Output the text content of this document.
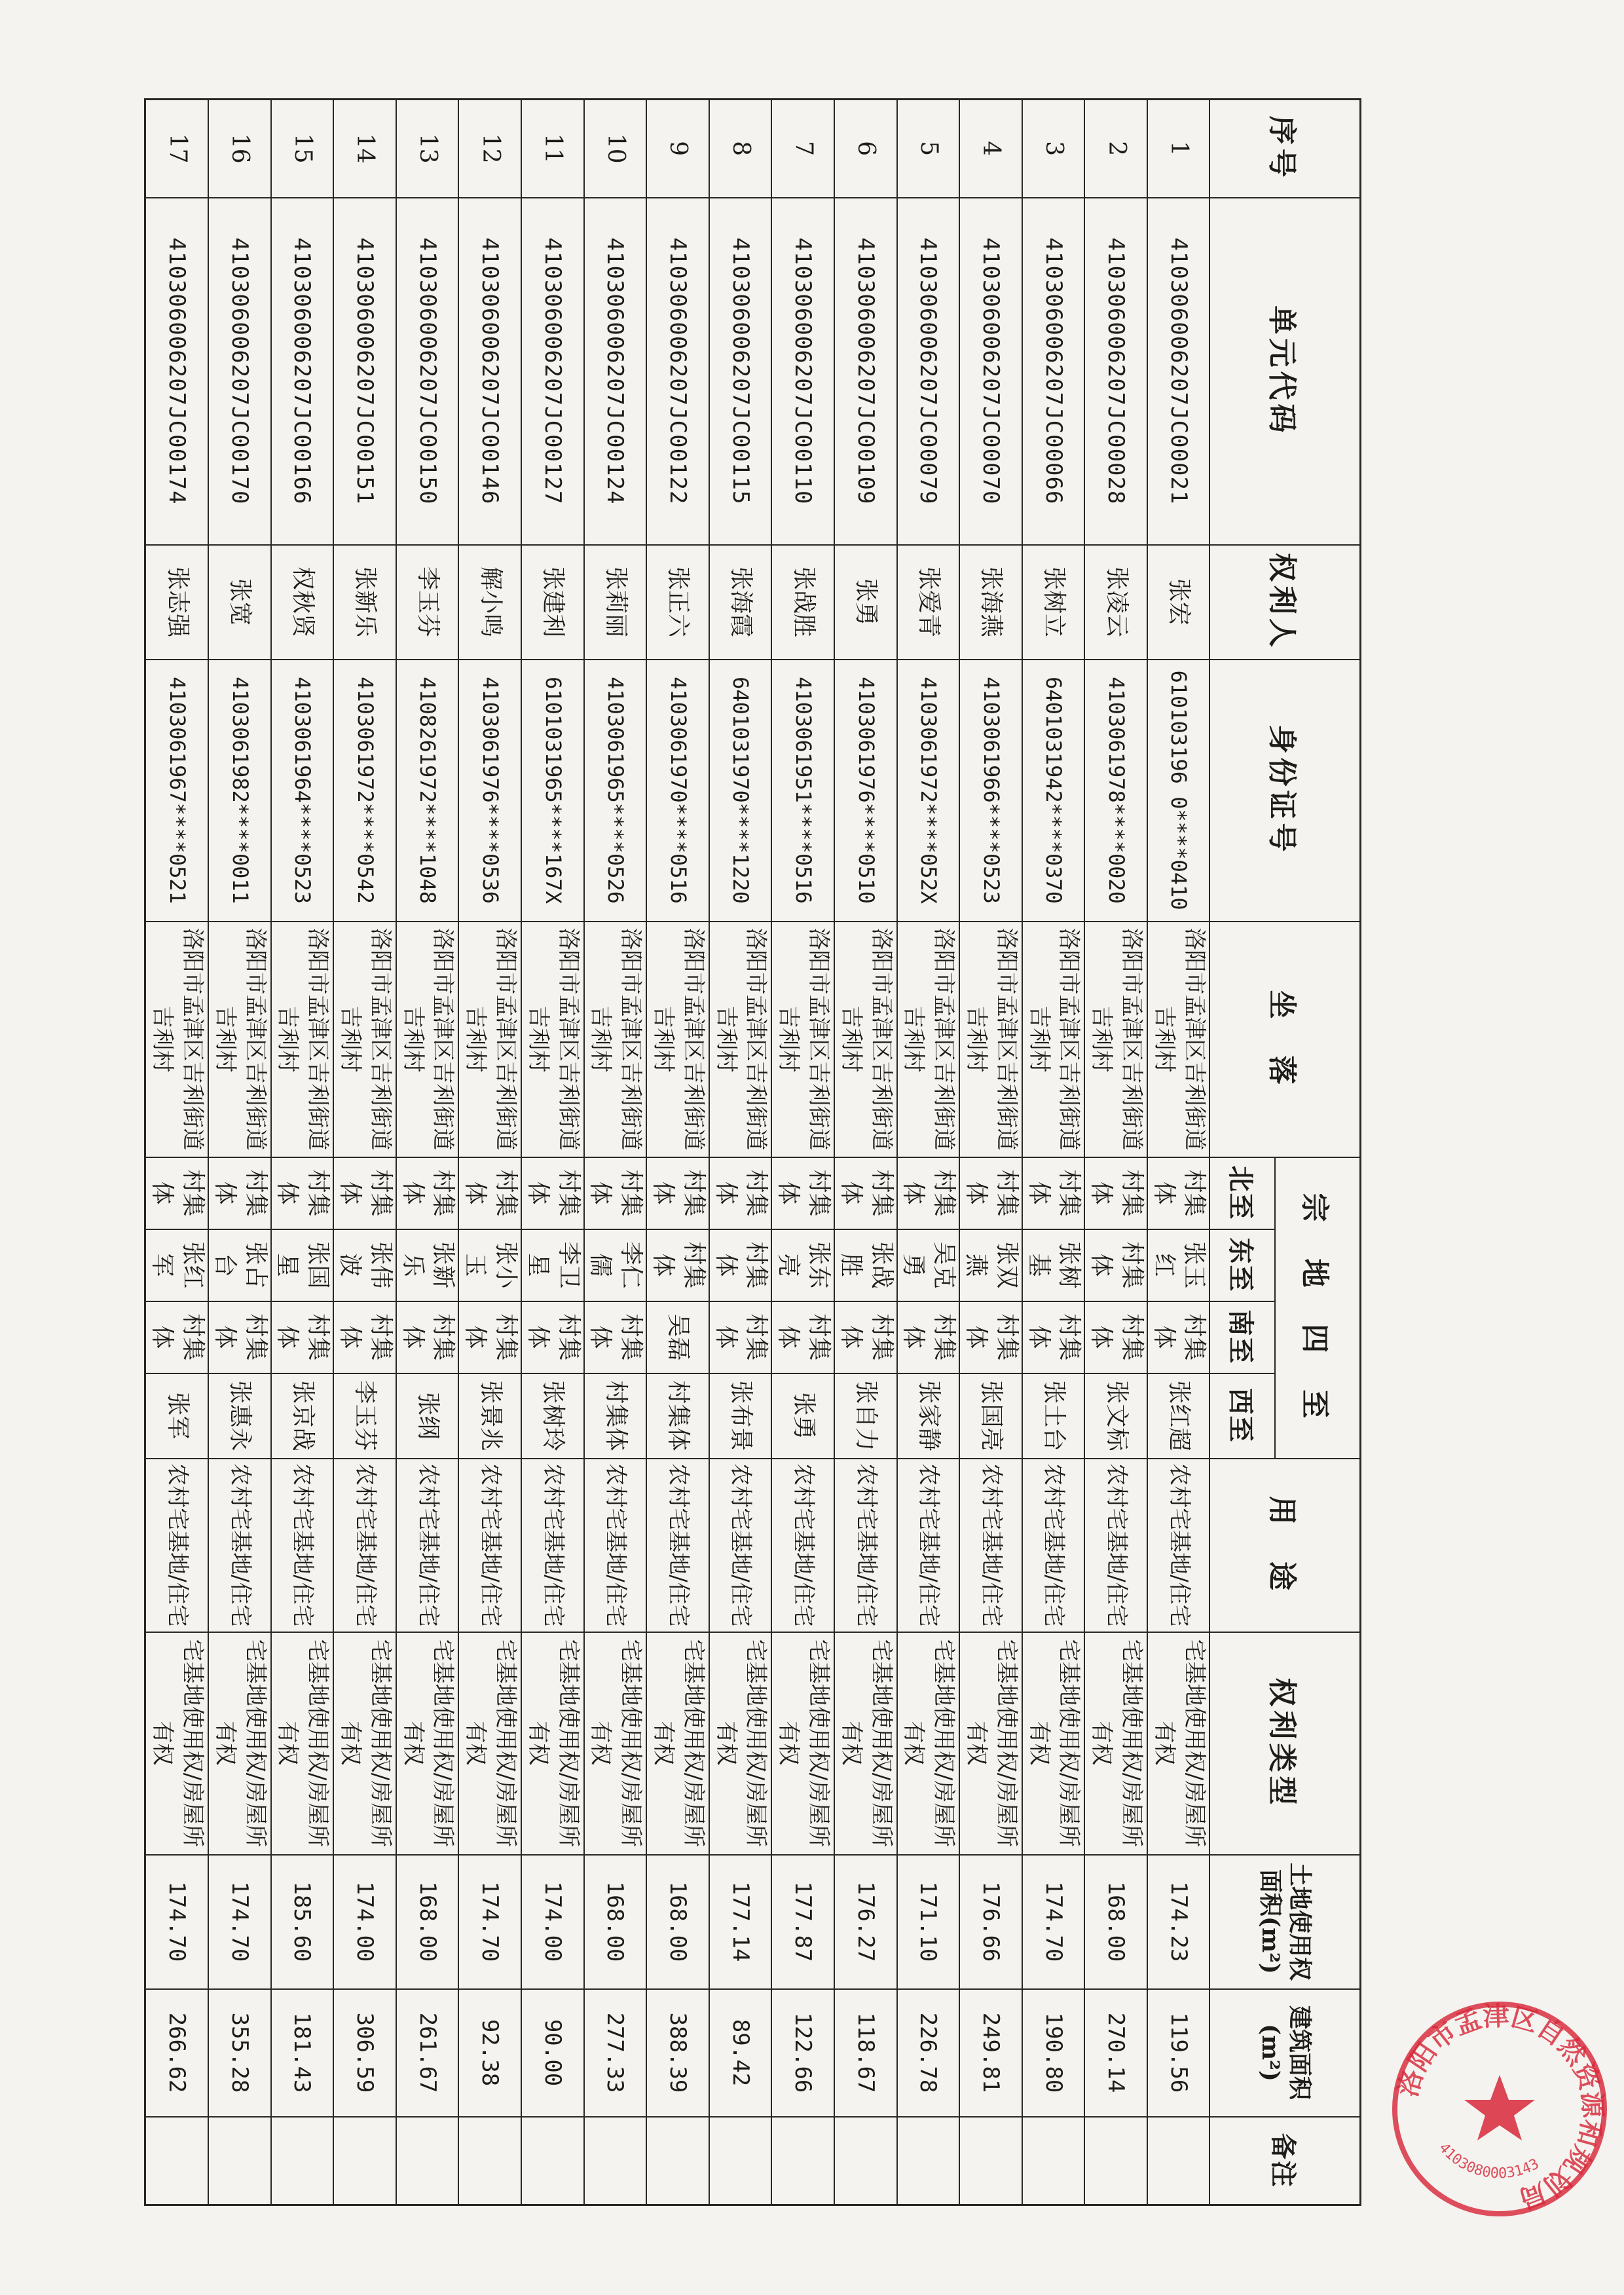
序号	单元代码	权利人	身份证号	坐　落	宗　地　四　至				用　途	权利类型	土地使用权面积(m²)	建筑面积(m²)	备注
					北至	东至	南至	西至					
1	410306006207JC00021	张宏	610103196 0****0410	洛阳市孟津区吉利街道吉利村	村集体	张玉红	村集体	张红超	农村宅基地/住宅	宅基地使用权/房屋所有权	174.23	119.56	
2	410306006207JC00028	张凌云	4103061978****0020	洛阳市孟津区吉利街道吉利村	村集体	村集体	村集体	张文标	农村宅基地/住宅	宅基地使用权/房屋所有权	168.00	270.14	
3	410306006207JC00066	张树立	6401031942****0370	洛阳市孟津区吉利街道吉利村	村集体	张树基	村集体	张土台	农村宅基地/住宅	宅基地使用权/房屋所有权	174.70	190.80	
4	410306006207JC00070	张海燕	4103061966****0523	洛阳市孟津区吉利街道吉利村	村集体	张双燕	村集体	张国亮	农村宅基地/住宅	宅基地使用权/房屋所有权	176.66	249.81	
5	410306006207JC00079	张爱青	4103061972****052X	洛阳市孟津区吉利街道吉利村	村集体	吴克勇	村集体	张家静	农村宅基地/住宅	宅基地使用权/房屋所有权	171.10	226.78	
6	410306006207JC00109	张勇	4103061976****0510	洛阳市孟津区吉利街道吉利村	村集体	张战胜	村集体	张自力	农村宅基地/住宅	宅基地使用权/房屋所有权	176.27	118.67	
7	410306006207JC00110	张战胜	4103061951****0516	洛阳市孟津区吉利街道吉利村	村集体	张东亮	村集体	张勇	农村宅基地/住宅	宅基地使用权/房屋所有权	177.87	122.66	
8	410306006207JC00115	张海霞	6401031970****1220	洛阳市孟津区吉利街道吉利村	村集体	村集体	村集体	张布景	农村宅基地/住宅	宅基地使用权/房屋所有权	177.14	89.42	
9	410306006207JC00122	张正六	4103061970****0516	洛阳市孟津区吉利街道吉利村	村集体	村集体	吴磊	村集体	农村宅基地/住宅	宅基地使用权/房屋所有权	168.00	388.39	
10	410306006207JC00124	张莉丽	4103061965****0526	洛阳市孟津区吉利街道吉利村	村集体	李仁儒	村集体	村集体	农村宅基地/住宅	宅基地使用权/房屋所有权	168.00	277.33	
11	410306006207JC00127	张建利	6101031965****167X	洛阳市孟津区吉利街道吉利村	村集体	李卫星	村集体	张树玲	农村宅基地/住宅	宅基地使用权/房屋所有权	174.00	90.00	
12	410306006207JC00146	解小鸣	4103061976****0536	洛阳市孟津区吉利街道吉利村	村集体	张小玉	村集体	张景兆	农村宅基地/住宅	宅基地使用权/房屋所有权	174.70	92.38	
13	410306006207JC00150	李玉芬	4108261972****1048	洛阳市孟津区吉利街道吉利村	村集体	张新乐	村集体	张纲	农村宅基地/住宅	宅基地使用权/房屋所有权	168.00	261.67	
14	410306006207JC00151	张新乐	4103061972****0542	洛阳市孟津区吉利街道吉利村	村集体	张伟波	村集体	李玉芬	农村宅基地/住宅	宅基地使用权/房屋所有权	174.00	306.59	
15	410306006207JC00166	权秋贤	4103061964****0523	洛阳市孟津区吉利街道吉利村	村集体	张国星	村集体	张京战	农村宅基地/住宅	宅基地使用权/房屋所有权	185.60	181.43	
16	410306006207JC00170	张宽	4103061982****0011	洛阳市孟津区吉利街道吉利村	村集体	张占台	村集体	张惠永	农村宅基地/住宅	宅基地使用权/房屋所有权	174.70	355.28	
17	410306006207JC00174	张志强	4103061967****0521	洛阳市孟津区吉利街道吉利村	村集体	张红军	村集体	张军	农村宅基地/住宅	宅基地使用权/房屋所有权	174.70	266.62		洛阳市孟津区自然资源和规划局
4103080003143
